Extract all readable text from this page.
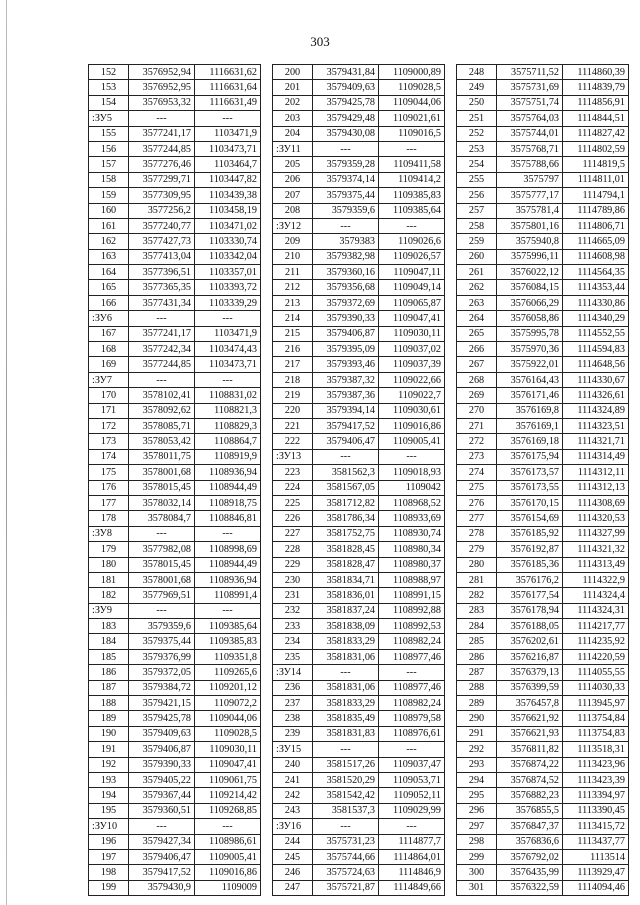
303
152	3576952,94	1116631,62
153	3576952,95	1116631,64
154	3576953,32	1116631,49
:ЗУ5	---	---
155	3577241,17	1103471,9
156	3577244,85	1103473,71
157	3577276,46	1103464,7
158	3577299,71	1103447,82
159	3577309,95	1103439,38
160	3577256,2	1103458,19
161	3577240,77	1103471,02
162	3577427,73	1103330,74
163	3577413,04	1103342,04
164	3577396,51	1103357,01
165	3577365,35	1103393,72
166	3577431,34	1103339,29
:ЗУ6	---	---
167	3577241,17	1103471,9
168	3577242,34	1103474,43
169	3577244,85	1103473,71
:ЗУ7	---	---
170	3578102,41	1108831,02
171	3578092,62	1108821,3
172	3578085,71	1108829,3
173	3578053,42	1108864,7
174	3578011,75	1108919,9
175	3578001,68	1108936,94
176	3578015,45	1108944,49
177	3578032,14	1108918,75
178	3578084,7	1108846,81
:ЗУ8	---	---
179	3577982,08	1108998,69
180	3578015,45	1108944,49
181	3578001,68	1108936,94
182	3577969,51	1108991,4
:ЗУ9	---	---
183	3579359,6	1109385,64
184	3579375,44	1109385,83
185	3579376,99	1109351,8
186	3579372,05	1109265,6
187	3579384,72	1109201,12
188	3579421,15	1109072,2
189	3579425,78	1109044,06
190	3579409,63	1109028,5
191	3579406,87	1109030,11
192	3579390,33	1109047,41
193	3579405,22	1109061,75
194	3579367,44	1109214,42
195	3579360,51	1109268,85
:ЗУ10	---	---
196	3579427,34	1108986,61
197	3579406,47	1109005,41
198	3579417,52	1109016,86
199	3579430,9	1109009
200	3579431,84	1109000,89
201	3579409,63	1109028,5
202	3579425,78	1109044,06
203	3579429,48	1109021,61
204	3579430,08	1109016,5
:ЗУ11	---	---
205	3579359,28	1109411,58
206	3579374,14	1109414,2
207	3579375,44	1109385,83
208	3579359,6	1109385,64
:ЗУ12	---	---
209	3579383	1109026,6
210	3579382,98	1109026,57
211	3579360,16	1109047,11
212	3579356,68	1109049,14
213	3579372,69	1109065,87
214	3579390,33	1109047,41
215	3579406,87	1109030,11
216	3579395,09	1109037,02
217	3579393,46	1109037,39
218	3579387,32	1109022,66
219	3579387,36	1109022,7
220	3579394,14	1109030,61
221	3579417,52	1109016,86
222	3579406,47	1109005,41
:ЗУ13	---	---
223	3581562,3	1109018,93
224	3581567,05	1109042
225	3581712,82	1108968,52
226	3581786,34	1108933,69
227	3581752,75	1108930,74
228	3581828,45	1108980,34
229	3581828,47	1108980,37
230	3581834,71	1108988,97
231	3581836,01	1108991,15
232	3581837,24	1108992,88
233	3581838,09	1108992,53
234	3581833,29	1108982,24
235	3581831,06	1108977,46
:ЗУ14	---	---
236	3581831,06	1108977,46
237	3581833,29	1108982,24
238	3581835,49	1108979,58
239	3581831,83	1108976,61
:ЗУ15	---	---
240	3581517,26	1109037,47
241	3581520,29	1109053,71
242	3581542,42	1109052,11
243	3581537,3	1109029,99
:ЗУ16	---	---
244	3575731,23	1114877,7
245	3575744,66	1114864,01
246	3575724,63	1114846,9
247	3575721,87	1114849,66
248	3575711,52	1114860,39
249	3575731,69	1114839,79
250	3575751,74	1114856,91
251	3575764,03	1114844,51
252	3575744,01	1114827,42
253	3575768,71	1114802,59
254	3575788,66	1114819,5
255	3575797	1114811,01
256	3575777,17	1114794,1
257	3575781,4	1114789,86
258	3575801,16	1114806,71
259	3575940,8	1114665,09
260	3575996,11	1114608,98
261	3576022,12	1114564,35
262	3576084,15	1114353,44
263	3576066,29	1114330,86
264	3576058,86	1114340,29
265	3575995,78	1114552,55
266	3575970,36	1114594,83
267	3575922,01	1114648,56
268	3576164,43	1114330,67
269	3576171,46	1114326,61
270	3576169,8	1114324,89
271	3576169,1	1114323,51
272	3576169,18	1114321,71
273	3576175,94	1114314,49
274	3576173,57	1114312,11
275	3576173,55	1114312,13
276	3576170,15	1114308,69
277	3576154,69	1114320,53
278	3576185,92	1114327,99
279	3576192,87	1114321,32
280	3576185,36	1114313,49
281	3576176,2	1114322,9
282	3576177,54	1114324,4
283	3576178,94	1114324,31
284	3576188,05	1114217,77
285	3576202,61	1114235,92
286	3576216,87	1114220,59
287	3576379,13	1114055,55
288	3576399,59	1114030,33
289	3576457,8	1113945,97
290	3576621,92	1113754,84
291	3576621,93	1113754,83
292	3576811,82	1113518,31
293	3576874,22	1113423,96
294	3576874,52	1113423,39
295	3576882,23	1113394,97
296	3576855,5	1113390,45
297	3576847,37	1113415,72
298	3576836,6	1113437,77
299	3576792,02	1113514
300	3576435,99	1113929,47
301	3576322,59	1114094,46
